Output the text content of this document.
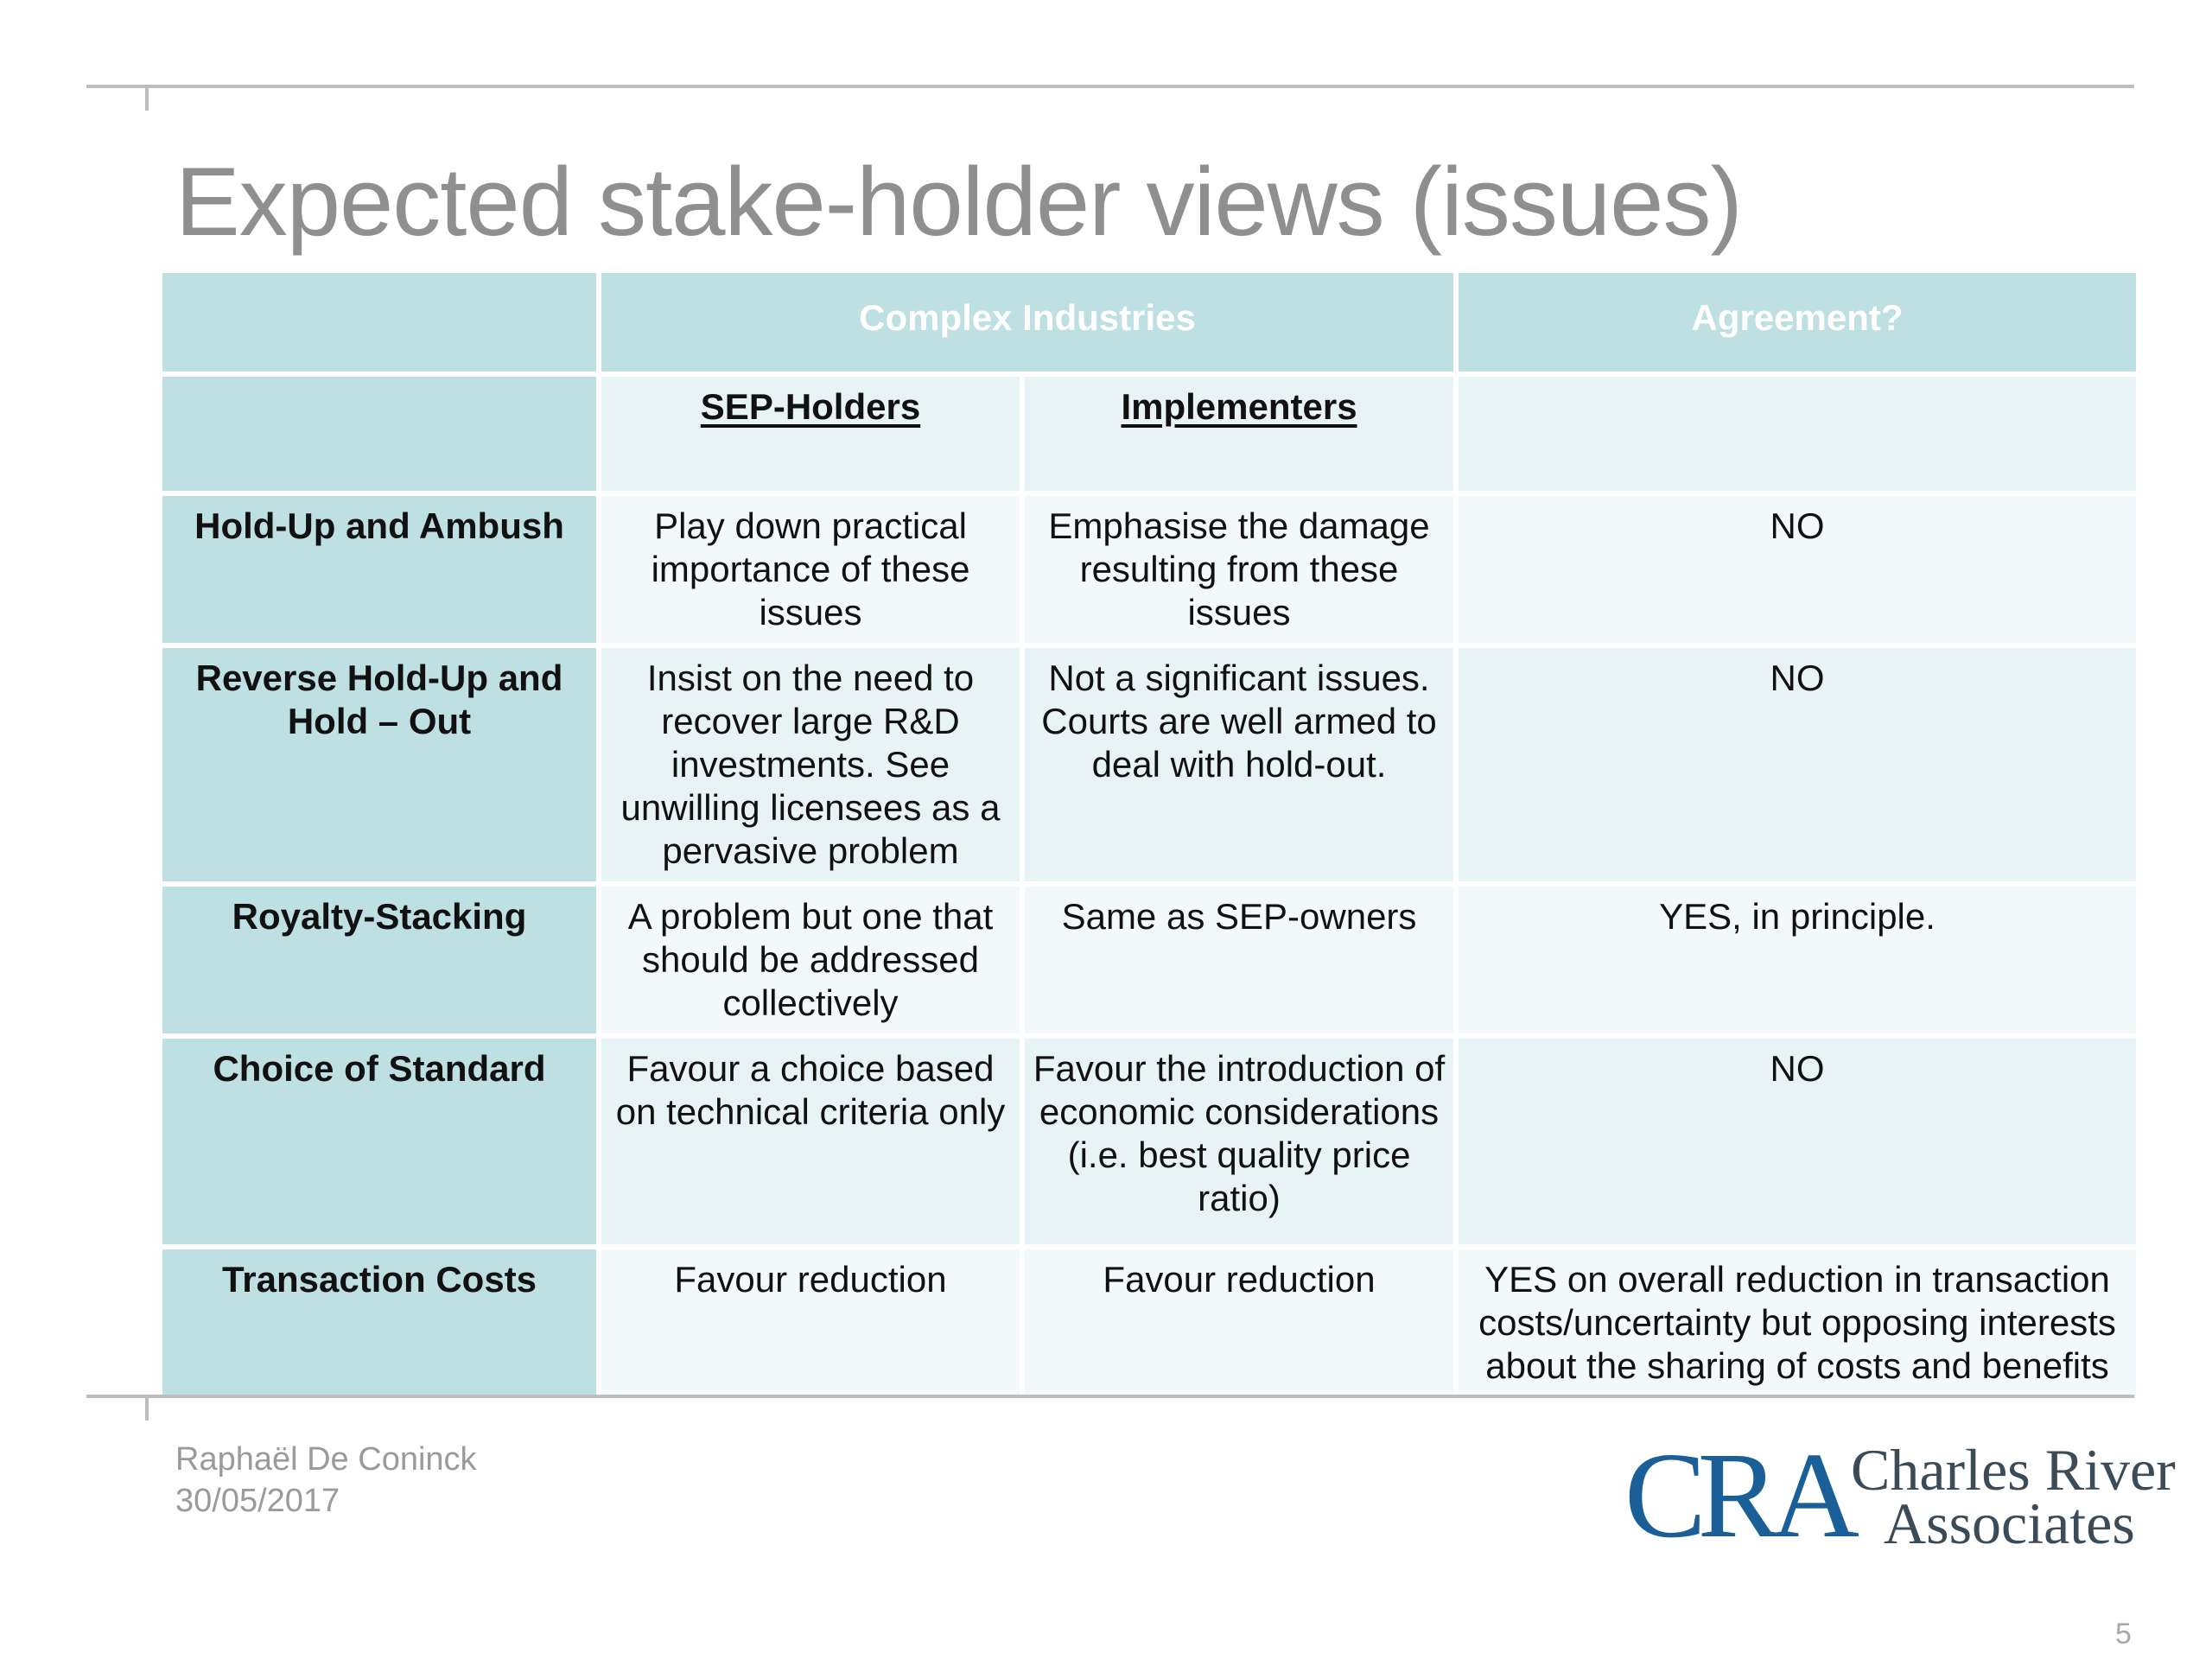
Expected stake-holder views (issues)
	Complex Industries		Agreement?
	SEP-Holders	Implementers	
Hold-Up and Ambush	Play down practical importance of these issues	Emphasise the damage resulting from these issues	NO
Reverse Hold-Up and Hold – Out	Insist on the need to recover large R&D investments. See unwilling licensees as a pervasive problem	Not a significant issues. Courts are well armed to deal with hold-out.	NO
Royalty-Stacking	A problem but one that should be addressed collectively	Same as SEP-owners	YES, in principle.
Choice of Standard	Favour a choice based on technical criteria only	Favour the introduction of economic considerations (i.e. best quality price ratio)	NO
Transaction Costs	Favour reduction	Favour reduction	YES on overall reduction in transaction costs/uncertainty but opposing interests about the sharing of costs and benefits
Raphaël De Coninck
30/05/2017	CRA Charles River
Associates
5
